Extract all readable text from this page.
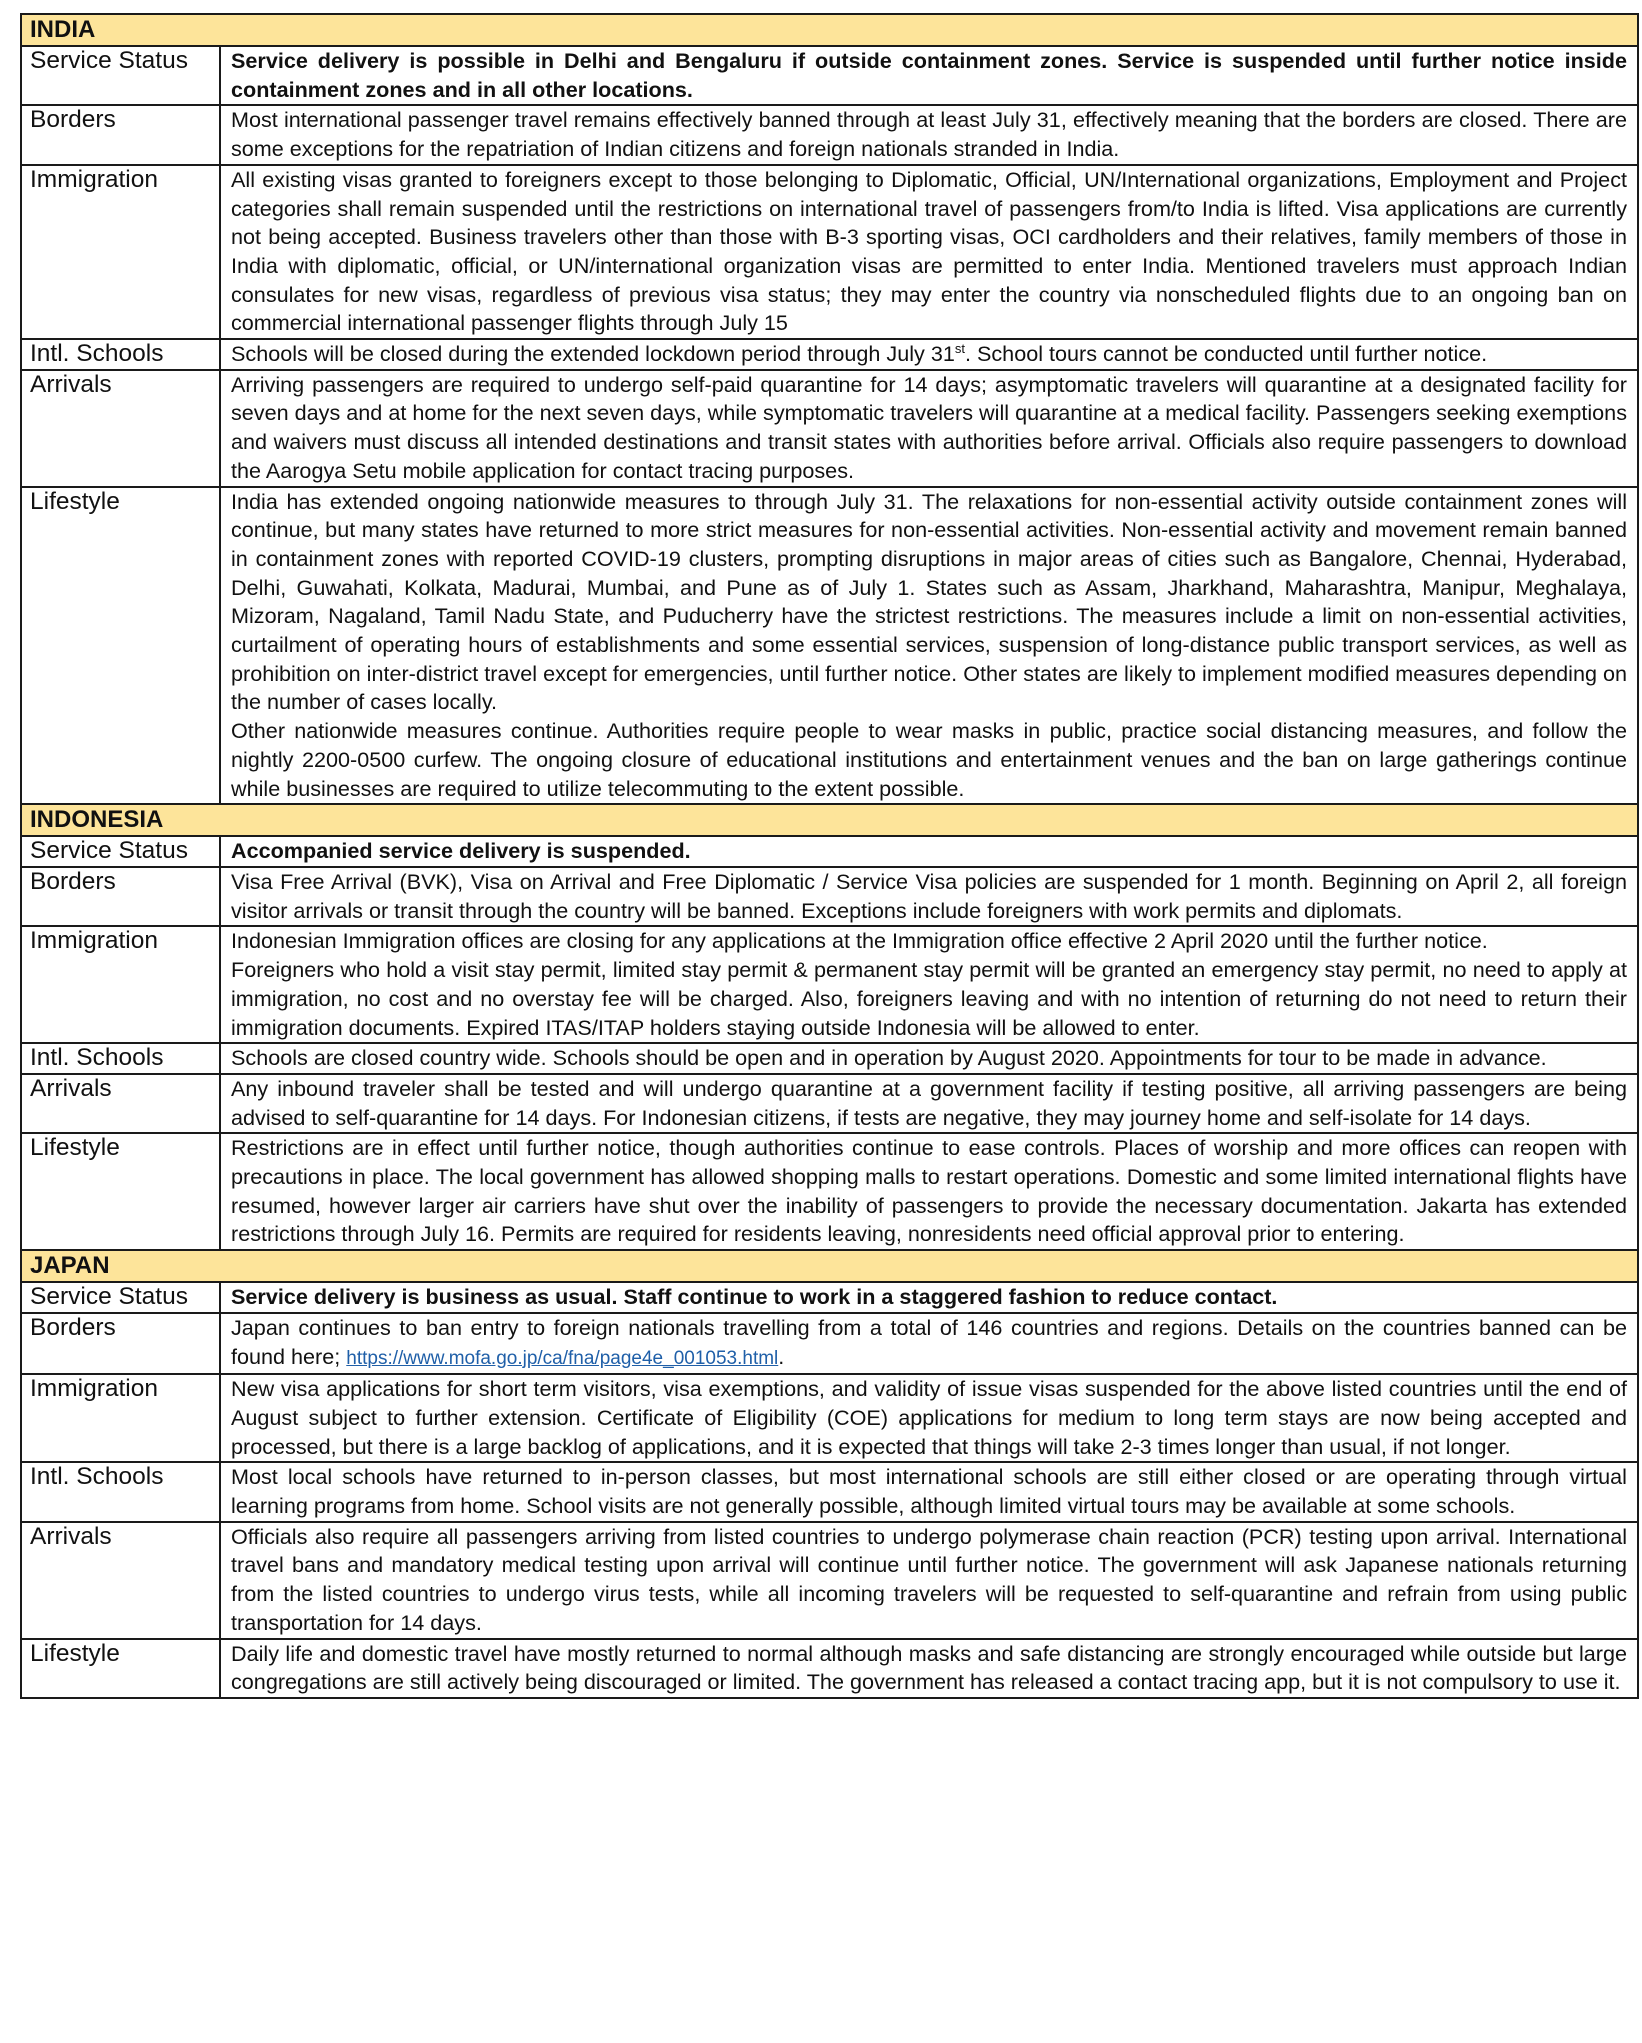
INDIA	
Service Status	Service delivery is possible in Delhi and Bengaluru if outside containment zones. Service is suspended until further notice inside containment zones and in all other locations.

Borders	Most international passenger travel remains effectively banned through at least July 31, effectively meaning that the borders are closed. There are some exceptions for the repatriation of Indian citizens and foreign nationals stranded in India.

Immigration	All existing visas granted to foreigners except to those belonging to Diplomatic, Official, UN/International organizations, Employment and Project categories shall remain suspended until the restrictions on international travel of passengers from/to India is lifted. Visa applications are currently not being accepted. Business travelers other than those with B-3 sporting visas, OCI cardholders and their relatives, family members of those in India with diplomatic, official, or UN/international organization visas are permitted to enter India. Mentioned travelers must approach Indian consulates for new visas, regardless of previous visa status; they may enter the country via nonscheduled flights due to an ongoing ban on commercial international passenger flights through July 15

Intl. Schools	Schools will be closed during the extended lockdown period through July 31st. School tours cannot be conducted until further notice.

Arrivals	Arriving passengers are required to undergo self-paid quarantine for 14 days; asymptomatic travelers will quarantine at a designated facility for seven days and at home for the next seven days, while symptomatic travelers will quarantine at a medical facility. Passengers seeking exemptions and waivers must discuss all intended destinations and transit states with authorities before arrival. Officials also require passengers to download the Aarogya Setu mobile application for contact tracing purposes.

Lifestyle	India has extended ongoing nationwide measures to through July 31. The relaxations for non-essential activity outside containment zones will continue, but many states have returned to more strict measures for non-essential activities. Non-essential activity and movement remain banned in containment zones with reported COVID-19 clusters, prompting disruptions in major areas of cities such as Bangalore, Chennai, Hyderabad, Delhi, Guwahati, Kolkata, Madurai, Mumbai, and Pune as of July 1. States such as Assam, Jharkhand, Maharashtra, Manipur, Meghalaya, Mizoram, Nagaland, Tamil Nadu State, and Puducherry have the strictest restrictions. The measures include a limit on non-essential activities, curtailment of operating hours of establishments and some essential services, suspension of long-distance public transport services, as well as prohibition on inter-district travel except for emergencies, until further notice. Other states are likely to implement modified measures depending on the number of cases locally.
Other nationwide measures continue. Authorities require people to wear masks in public, practice social distancing measures, and follow the nightly 2200-0500 curfew. The ongoing closure of educational institutions and entertainment venues and the ban on large gatherings continue while businesses are required to utilize telecommuting to the extent possible.

INDONESIA	
Service Status	Accompanied service delivery is suspended.

Borders	Visa Free Arrival (BVK), Visa on Arrival and Free Diplomatic / Service Visa policies are suspended for 1 month. Beginning on April 2, all foreign visitor arrivals or transit through the country will be banned. Exceptions include foreigners with work permits and diplomats.

Immigration	Indonesian Immigration offices are closing for any applications at the Immigration office effective 2 April 2020 until the further notice.
Foreigners who hold a visit stay permit, limited stay permit & permanent stay permit will be granted an emergency stay permit, no need to apply at immigration, no cost and no overstay fee will be charged. Also, foreigners leaving and with no intention of returning do not need to return their immigration documents. Expired ITAS/ITAP holders staying outside Indonesia will be allowed to enter.

Intl. Schools	Schools are closed country wide. Schools should be open and in operation by August 2020. Appointments for tour to be made in advance.

Arrivals	Any inbound traveler shall be tested and will undergo quarantine at a government facility if testing positive, all arriving passengers are being advised to self-quarantine for 14 days. For Indonesian citizens, if tests are negative, they may journey home and self-isolate for 14 days.

Lifestyle	Restrictions are in effect until further notice, though authorities continue to ease controls. Places of worship and more offices can reopen with precautions in place. The local government has allowed shopping malls to restart operations. Domestic and some limited international flights have resumed, however larger air carriers have shut over the inability of passengers to provide the necessary documentation. Jakarta has extended restrictions through July 16. Permits are required for residents leaving, nonresidents need official approval prior to entering.

JAPAN	
Service Status	Service delivery is business as usual. Staff continue to work in a staggered fashion to reduce contact.

Borders	Japan continues to ban entry to foreign nationals travelling from a total of 146 countries and regions. Details on the countries banned can be found here; https://www.mofa.go.jp/ca/fna/page4e_001053.html.

Immigration	New visa applications for short term visitors, visa exemptions, and validity of issue visas suspended for the above listed countries until the end of August subject to further extension. Certificate of Eligibility (COE) applications for medium to long term stays are now being accepted and processed, but there is a large backlog of applications, and it is expected that things will take 2-3 times longer than usual, if not longer.

Intl. Schools	Most local schools have returned to in-person classes, but most international schools are still either closed or are operating through virtual learning programs from home. School visits are not generally possible, although limited virtual tours may be available at some schools.

Arrivals	Officials also require all passengers arriving from listed countries to undergo polymerase chain reaction (PCR) testing upon arrival. International travel bans and mandatory medical testing upon arrival will continue until further notice. The government will ask Japanese nationals returning from the listed countries to undergo virus tests, while all incoming travelers will be requested to self-quarantine and refrain from using public transportation for 14 days.

Lifestyle	Daily life and domestic travel have mostly returned to normal although masks and safe distancing are strongly encouraged while outside but large congregations are still actively being discouraged or limited. The government has released a contact tracing app, but it is not compulsory to use it.
